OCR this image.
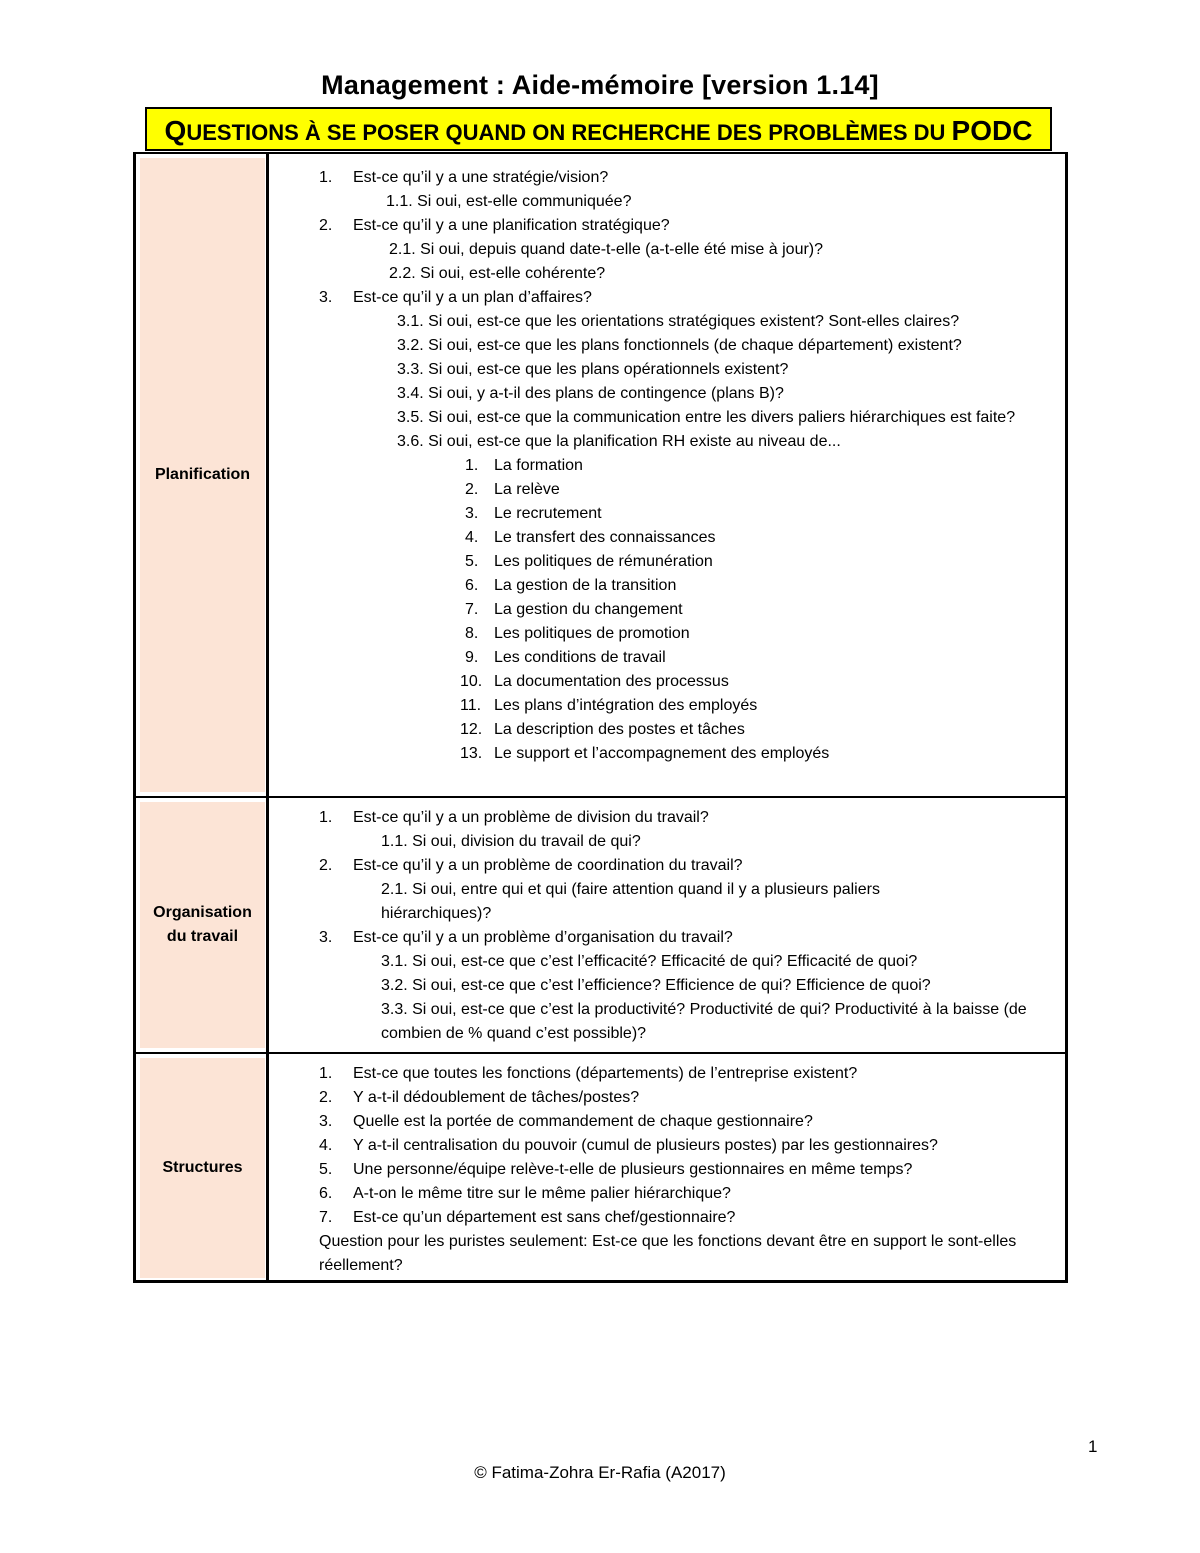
Management : Aide-mémoire [version 1.14]
QUESTIONS À SE POSER QUAND ON RECHERCHE DES PROBLÈMES DU PODC
Planification
1.	Est-ce qu’il y a une stratégie/vision?
1.1. Si oui, est-elle communiquée?
2.	Est-ce qu’il y a une planification stratégique?
2.1. Si oui, depuis quand date-t-elle (a-t-elle été mise à jour)?
2.2. Si oui, est-elle cohérente?
3.	Est-ce qu’il y a un plan d’affaires?
3.1. Si oui, est-ce que les orientations stratégiques existent? Sont-elles claires?
3.2. Si oui, est-ce que les plans fonctionnels (de chaque département) existent?
3.3. Si oui, est-ce que les plans opérationnels existent?
3.4. Si oui, y a-t-il des plans de contingence (plans B)?
3.5. Si oui, est-ce que la communication entre les divers paliers hiérarchiques est faite?
3.6. Si oui, est-ce que la planification RH existe au niveau de...
1. La formation
2. La relève
3. Le recrutement
4. Le transfert des connaissances
5. Les politiques de rémunération
6. La gestion de la transition
7. La gestion du changement
8. Les politiques de promotion
9. Les conditions de travail
10. La documentation des processus
11. Les plans d’intégration des employés
12. La description des postes et tâches
13. Le support et l’accompagnement des employés
Organisation du travail
1.	Est-ce qu’il y a un problème de division du travail?
1.1. Si oui, division du travail de qui?
2.	Est-ce qu’il y a un problème de coordination du travail?
2.1. Si oui, entre qui et qui (faire attention quand il y a plusieurs paliers hiérarchiques)?
3.	Est-ce qu’il y a un problème d’organisation du travail?
3.1. Si oui, est-ce que c’est l’efficacité? Efficacité de qui? Efficacité de quoi?
3.2. Si oui, est-ce que c’est l’efficience? Efficience de qui? Efficience de quoi?
3.3. Si oui, est-ce que c’est la productivité? Productivité de qui? Productivité à la baisse (de combien de % quand c’est possible)?
Structures
1.	Est-ce que toutes les fonctions (départements) de l’entreprise existent?
2.	Y a-t-il dédoublement de tâches/postes?
3.	Quelle est la portée de commandement de chaque gestionnaire?
4.	Y a-t-il centralisation du pouvoir (cumul de plusieurs postes) par les gestionnaires?
5.	Une personne/équipe relève-t-elle de plusieurs gestionnaires en même temps?
6.	A-t-on le même titre sur le même palier hiérarchique?
7.	Est-ce qu’un département est sans chef/gestionnaire?
Question pour les puristes seulement: Est-ce que les fonctions devant être en support le sont-elles réellement?
1
© Fatima-Zohra Er-Rafia (A2017)
